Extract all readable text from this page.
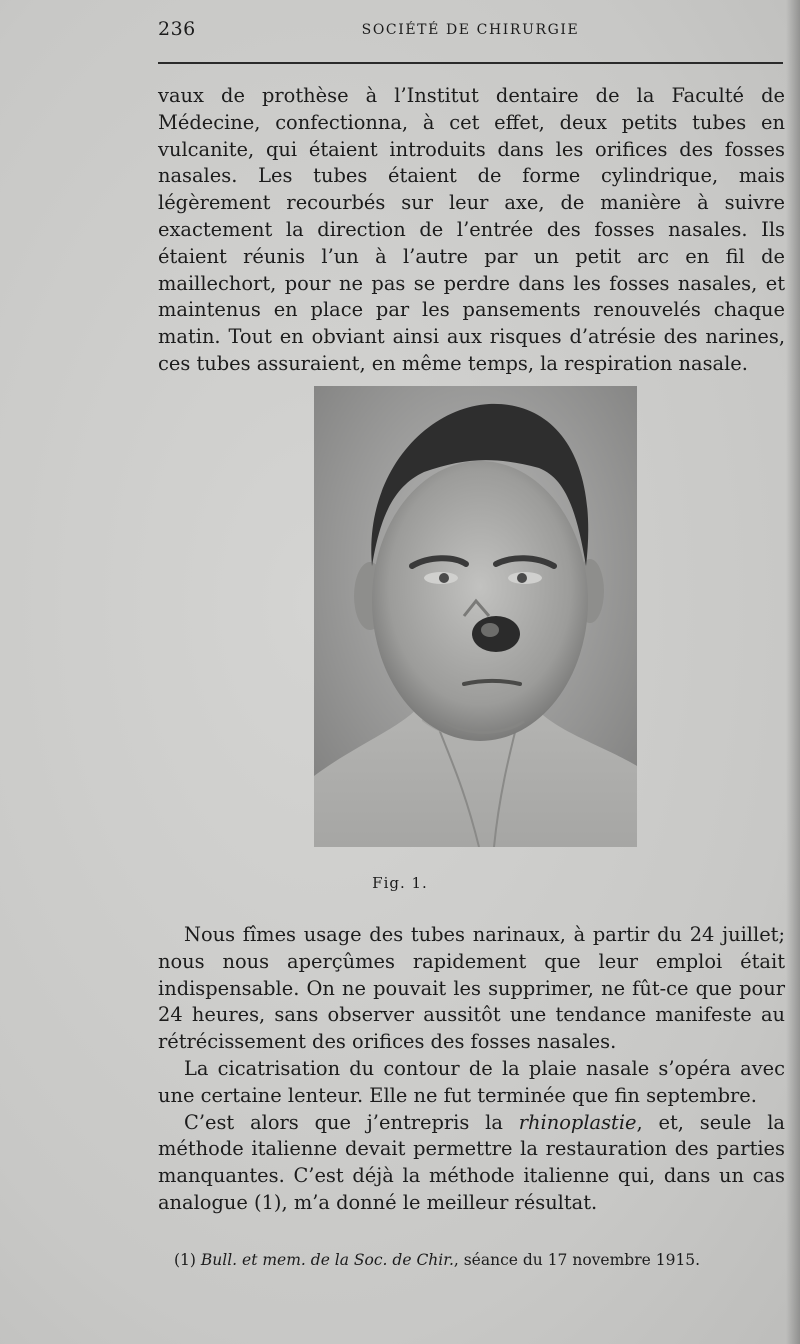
236	SOCIÉTÉ DE CHIRURGIE

vaux de prothèse à l’Institut dentaire de la Faculté de Médecine, confectionna, à cet effet, deux petits tubes en vulcanite, qui étaient introduits dans les orifices des fosses nasales. Les tubes étaient de forme cylindrique, mais légèrement recourbés sur leur axe, de manière à suivre exactement la direction de l’entrée des fosses nasales. Ils étaient réunis l’un à l’autre par un petit arc en fil de maillechort, pour ne pas se perdre dans les fosses nasales, et maintenus en place par les pansements renouvelés chaque matin. Tout en obviant ainsi aux risques d’atrésie des narines, ces tubes assuraient, en même temps, la respiration nasale.

Fig. 1.

Nous fîmes usage des tubes narinaux, à partir du 24 juillet; nous nous aperçûmes rapidement que leur emploi était indispensable. On ne pouvait les supprimer, ne fût-ce que pour 24 heures, sans observer aussitôt une tendance manifeste au rétrécissement des orifices des fosses nasales.

La cicatrisation du contour de la plaie nasale s’opéra avec une certaine lenteur. Elle ne fut terminée que fin septembre.

C’est alors que j’entrepris la rhinoplastie, et, seule la méthode italienne devait permettre la restauration des parties manquantes. C’est déjà la méthode italienne qui, dans un cas analogue (1), m’a donné le meilleur résultat.

(1) Bull. et mem. de la Soc. de Chir., séance du 17 novembre 1915.
